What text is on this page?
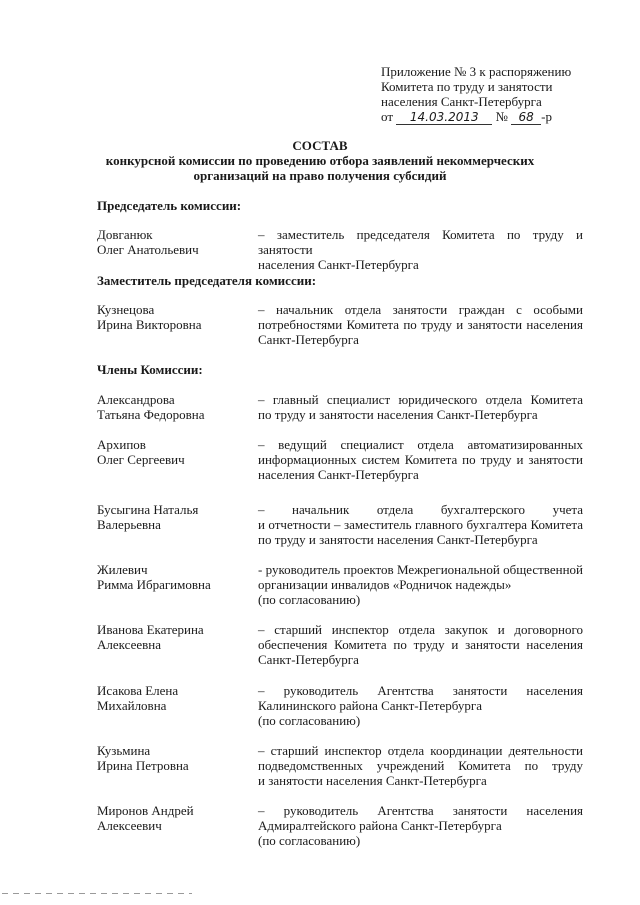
Приложение № 3 к распоряжению
Комитета по труду и занятости
населения Санкт-Петербурга
от 14.03.2013 № 68 -р
СОСТАВ
конкурсной комиссии по проведению отбора заявлений некоммерческих
организаций на право получения субсидий
Председатель комиссии:
Заместитель председателя комиссии:
Члены Комиссии:
Довганюк
Олег Анатольевич
– заместитель председателя Комитета по труду и занятости
населения Санкт-Петербурга
Кузнецова
Ирина Викторовна
– начальник отдела занятости граждан с особыми
потребностями Комитета по труду и занятости населения
Санкт-Петербурга
Александрова
Татьяна Федоровна
– главный специалист юридического отдела Комитета
по труду и занятости населения Санкт-Петербурга
Архипов
Олег Сергеевич
– ведущий специалист отдела автоматизированных
информационных систем Комитета по труду и занятости
населения Санкт-Петербурга
Бусыгина Наталья
Валерьевна
– начальник отдела бухгалтерского учета
и отчетности – заместитель главного бухгалтера Комитета
по труду и занятости населения Санкт-Петербурга
Жилевич
Римма Ибрагимовна
- руководитель проектов Межрегиональной общественной
организации инвалидов «Родничок надежды»
(по согласованию)
Иванова Екатерина
Алексеевна
– старший инспектор отдела закупок и договорного
обеспечения Комитета по труду и занятости населения
Санкт-Петербурга
Исакова Елена
Михайловна
– руководитель Агентства занятости населения
Калининского района Санкт-Петербурга
(по согласованию)
Кузьмина
Ирина Петровна
– старший инспектор отдела координации деятельности
подведомственных учреждений Комитета по труду
и занятости населения Санкт-Петербурга
Миронов Андрей
Алексеевич
– руководитель Агентства занятости населения
Адмиралтейского района Санкт-Петербурга
(по согласованию)
